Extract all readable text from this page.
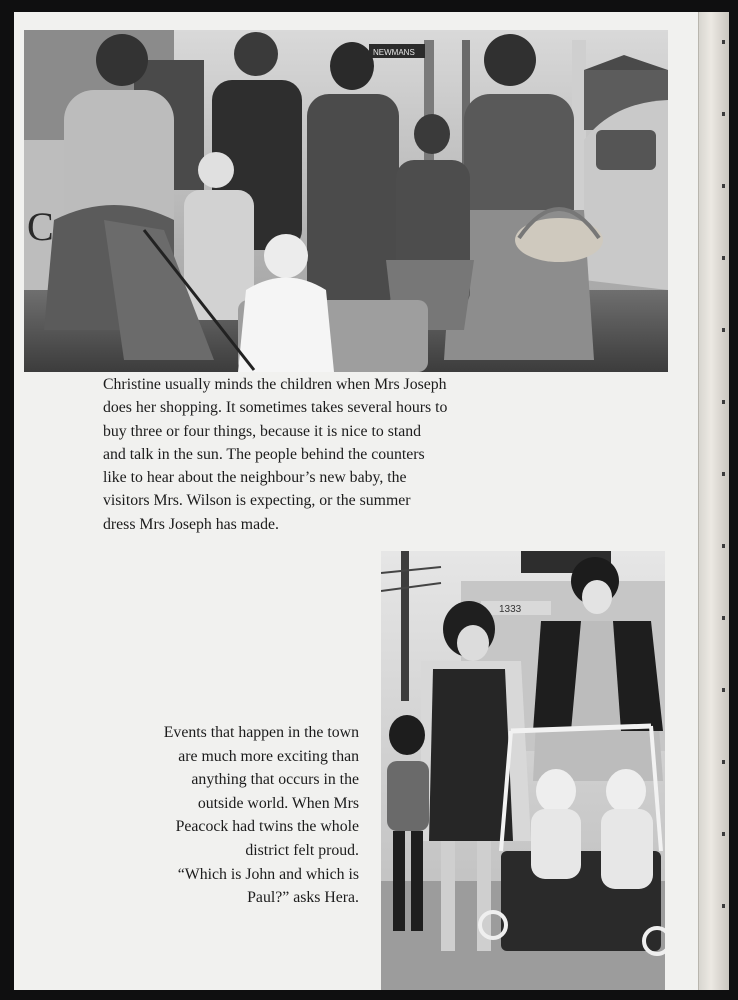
C
NEWMANS

Christine usually minds the children when Mrs Joseph
does her shopping. It sometimes takes several hours to
buy three or four things, because it is nice to stand
and talk in the sun. The people behind the counters
like to hear about the neighbour’s new baby, the
visitors Mrs. Wilson is expecting, or the summer
dress Mrs Joseph has made.

1333

Events that happen in the town
are much more exciting than
anything that occurs in the
outside world. When Mrs
Peacock had twins the whole
district felt proud.
“Which is John and which is
Paul?” asks Hera.
